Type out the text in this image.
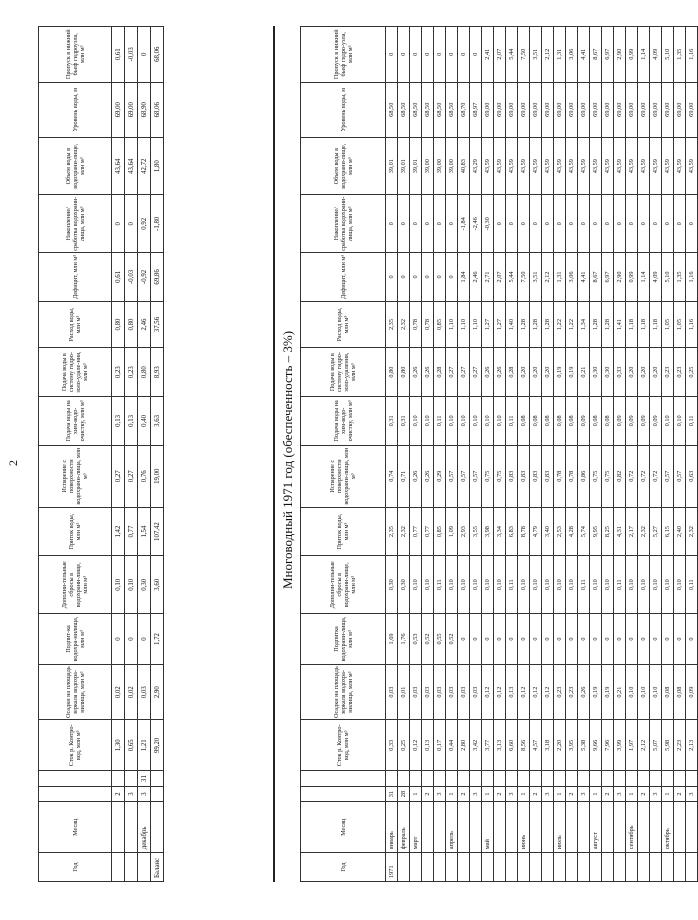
2
Год	Месяц			Сток р. Контро-вод, млн м³	Осадки на площадь зеркала водохра-нилища, млн м³	Подпит-ка водохра-нилища, млн м³	Дополни-тельные сбросы в водохрани-лище, млн м³	Приток воды, млн м³	Испарение с поверхности водохрани-лища, млн м³	Подача воды на хим-водо-очистку, млн м³	Подача воды в систему гидро-золо-удале-ния, млн м³	Расход воды, млн м³	Дефицит, млн м³	Накопление/ сработка водохрани-лища, млн м³	Объем воды в водохрани-лище, млн м³	Уровень воды, м	Пропуск в нижний бьеф гидроузла, млн м³
		2		1,30	0,02	0	0,10	1,42	0,27	0,13	0,23	0,80	0,61	0	43,64	69,00	0,61
		3		0,65	0,02	0	0,10	0,77	0,27	0,13	0,23	0,80	-0,03	0	43,64	69,00	-0,03
	декабрь	3	31	1,21	0,03	0	0,30	1,54	0,76	0,40	0,80	2,46	-0,92	0,92	42,72	68,90	0
Баланс				99,20	2,90	1,72	3,60	107,42	19,00	3,63	8,93	37,56	69,86	-1,80	1,80	68,06	68,06
Многоводный 1971 год (обеспеченность – 3%)
Год	Месяц			Сток р. Контро-вод, млн м³	Осадки на площадь зеркала водохра-нилища, млн м³	Подпитка водохрани-лища, млн м³	Дополни-тельные сбросы в водохрани-лище, млн м³	Приток воды, млн м³	Испарение с поверхности водохрани-лища, млн м³	Подача воды на хим-водо-очистку, млн м³	Подача воды в систему гидро-золо-удаления, млн м³	Расход воды, млн м³	Дефицит, млн м³	Накопление/ сработка водохрани-лища, млн м³	Объем воды в водохрани-лище, млн м³	Уровень воды, м	Пропуск в нижний бьеф гидро-узла, млн м³
1971	январь	31		0,33	0,03	1,69	0,30	2,35	0,74	0,31	0,80	2,35	0	0	39,01	68,50	0
	февраль	28		0,25	0,01	1,76	0,30	2,32	0,71	0,31	0,80	2,32	0	0	39,01	68,50	0
	март	1		0,12	0,03	0,53	0,10	0,77	0,26	0,10	0,26	0,78	0	0	39,01	68,50	0
		2		0,13	0,03	0,52	0,10	0,77	0,26	0,10	0,26	0,78	0	0	39,00	68,50	0
		3		0,17	0,03	0,55	0,11	0,85	0,29	0,11	0,28	0,85	0	0	39,00	68,50	0
	апрель	1		0,44	0,03	0,52	0,10	1,09	0,57	0,10	0,27	1,10	0	0	39,00	68,50	0
		2		2,80	0,03	0	0,10	2,93	0,57	0,10	0,27	1,10	1,84	-1,84	40,83	68,70	0
		3		3,42	0,03	0	0,10	3,55	0,57	0,10	0,27	1,10	2,46	-2,46	43,29	68,97	0
	май	1		3,77	0,12	0	0,10	3,98	0,75	0,10	0,26	1,27	2,71	-0,30	43,59	69,00	2,41
		2		3,13	0,12	0	0,10	3,34	0,75	0,10	0,26	1,27	2,07	0	43,59	69,00	2,07
		3		6,60	0,13	0	0,11	6,83	0,83	0,11	0,28	1,40	5,44	0	43,59	69,00	5,44
	июнь	1		8,56	0,12	0	0,10	8,78	0,83	0,08	0,20	1,28	7,50	0	43,59	69,00	7,50
		2		4,57	0,12	0	0,10	4,79	0,83	0,08	0,20	1,28	3,51	0	43,59	69,00	3,51
		3		3,18	0,12	0	0,10	3,40	0,83	0,08	0,20	1,28	2,12	0	43,59	69,00	2,12
	июль	1		2,20	0,23	0	0,10	2,53	0,78	0,08	0,19	1,22	1,31	0	43,59	69,00	1,31
		2		3,95	0,23	0	0,10	4,28	0,78	0,08	0,19	1,22	3,06	0	43,59	69,00	3,06
		3		5,38	0,26	0	0,11	5,74	0,86	0,09	0,21	1,34	4,41	0	43,59	69,00	4,41
	август	1		9,66	0,19	0	0,10	9,95	0,75	0,08	0,30	1,28	8,67	0	43,59	69,00	8,67
		2		7,96	0,19	0	0,10	8,25	0,75	0,08	0,30	1,28	6,97	0	43,59	69,00	6,97
		3		3,99	0,21	0	0,11	4,31	0,82	0,09	0,33	1,41	2,90	0	43,59	69,00	2,90
	сентябрь	1		1,97	0,10	0	0,10	2,17	0,72	0,09	0,20	1,18	0,99	0	43,59	69,00	0,99
		2		2,12	0,10	0	0,10	2,32	0,72	0,09	0,20	1,18	1,14	0	43,59	69,00	1,14
		3		5,07	0,10	0	0,10	5,27	0,72	0,09	0,20	1,18	4,09	0	43,59	69,00	4,09
	октябрь	1		5,98	0,08	0	0,10	6,15	0,57	0,10	0,23	1,05	5,10	0	43,59	69,00	5,10
		2		2,23	0,08	0	0,10	2,40	0,57	0,10	0,23	1,05	1,35	0	43,59	69,00	1,35
		3		2,13	0,09	0	0,11	2,32	0,63	0,11	0,25	1,16	1,16	0	43,59	69,00	1,16
